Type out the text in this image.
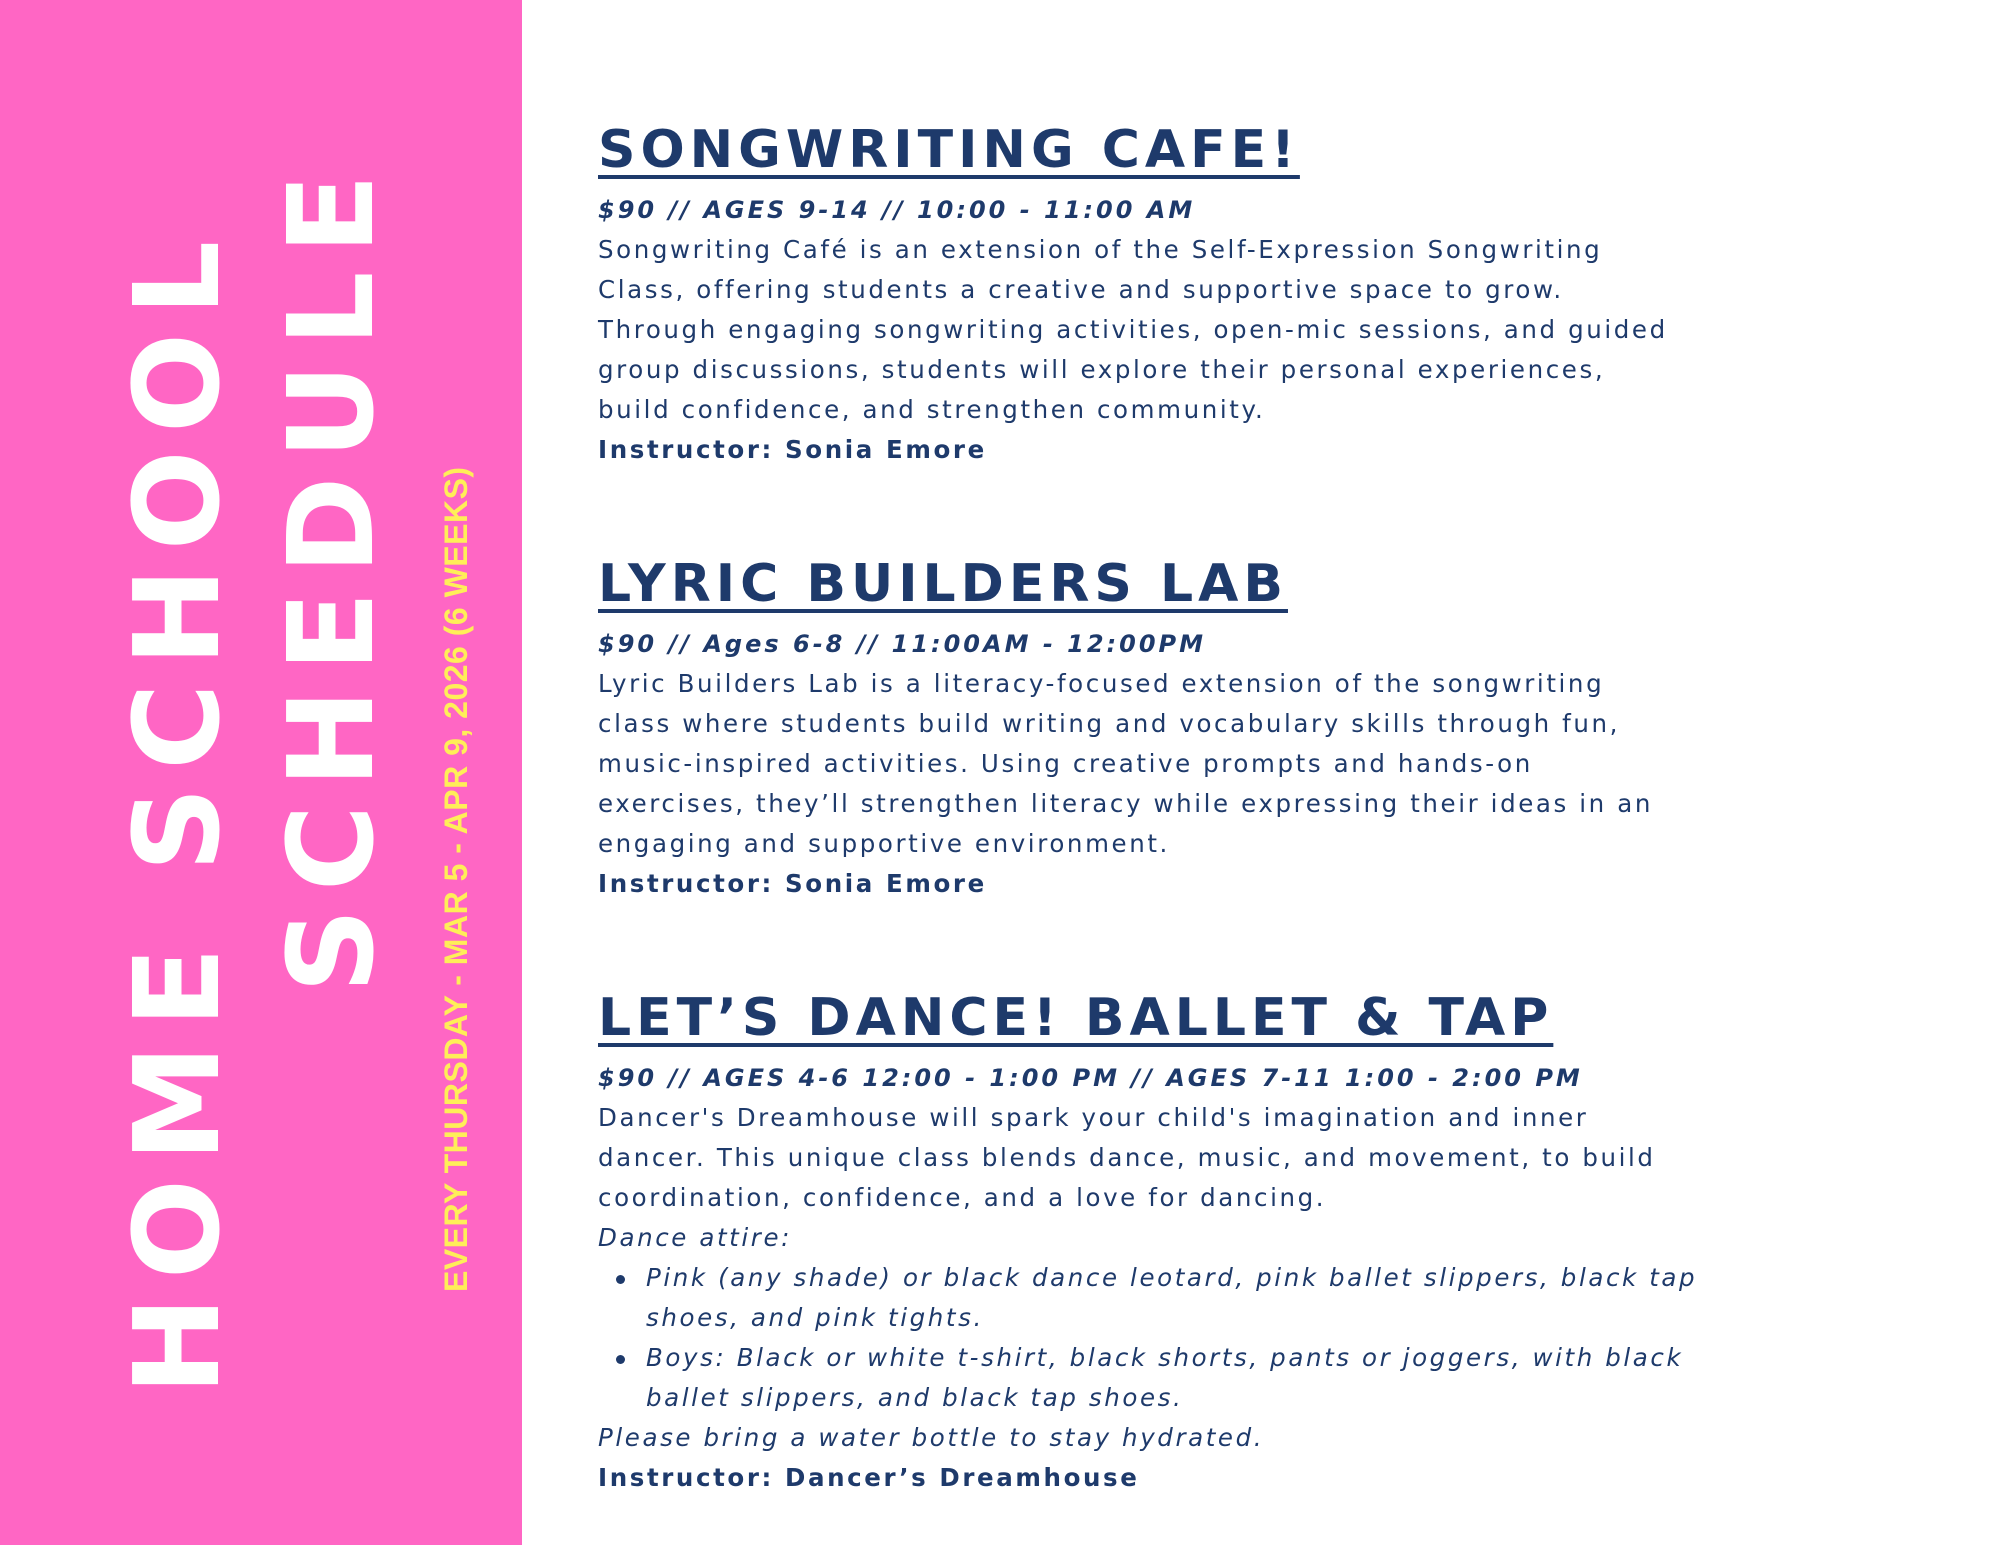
HOME SCHOOL SCHEDULE EVERY THURSDAY - MAR 5 - APR 9, 2026 (6 WEEKS)
SONGWRITING CAFE!
$90 // AGES 9-14 // 10:00 - 11:00 AM
Songwriting Café is an extension of the Self-Expression Songwriting
Class, offering students a creative and supportive space to grow.
Through engaging songwriting activities, open-mic sessions, and guided
group discussions, students will explore their personal experiences,
build confidence, and strengthen community.
Instructor: Sonia Emore
LYRIC BUILDERS LAB
$90 // Ages 6-8 // 11:00AM - 12:00PM
Lyric Builders Lab is a literacy-focused extension of the songwriting
class where students build writing and vocabulary skills through fun,
music-inspired activities. Using creative prompts and hands-on
exercises, they’ll strengthen literacy while expressing their ideas in an
engaging and supportive environment.
Instructor: Sonia Emore
LET’S DANCE! BALLET & TAP
$90 // AGES 4-6 12:00 - 1:00 PM // AGES 7-11 1:00 - 2:00 PM
Dancer's Dreamhouse will spark your child's imagination and inner
dancer. This unique class blends dance, music, and movement, to build
coordination, confidence, and a love for dancing.
Dance attire:
Pink (any shade) or black dance leotard, pink ballet slippers, black tap
shoes, and pink tights.
Boys: Black or white t-shirt, black shorts, pants or joggers, with black
ballet slippers, and black tap shoes.
Please bring a water bottle to stay hydrated.
Instructor: Dancer’s Dreamhouse
